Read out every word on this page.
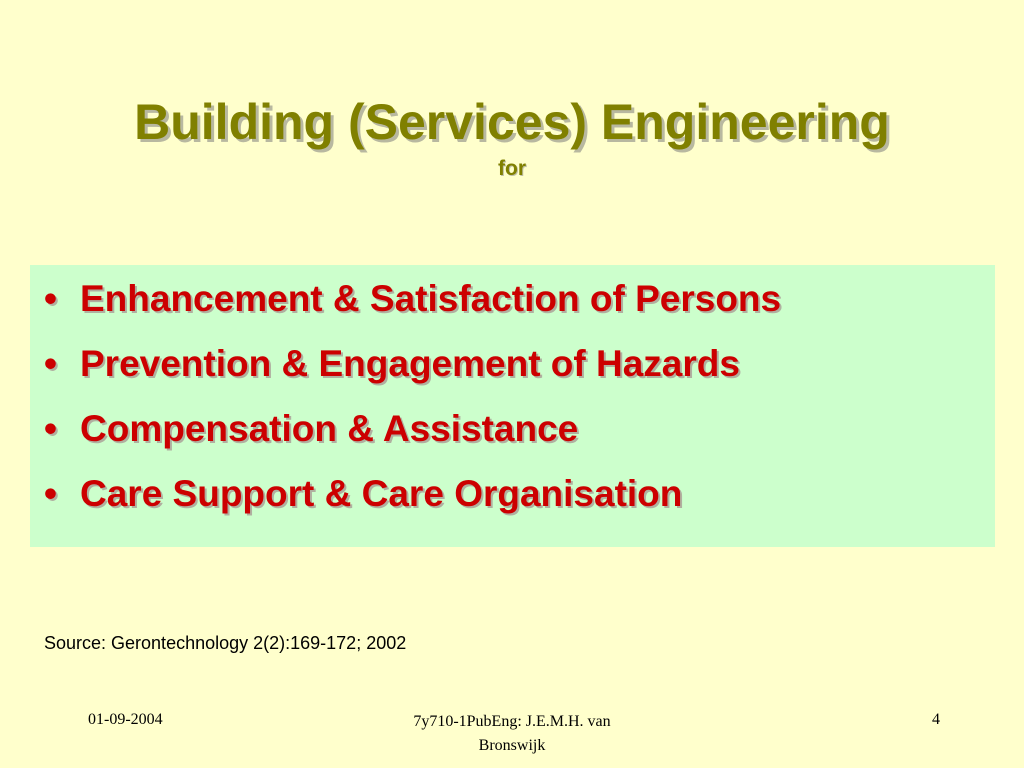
Building (Services) Engineering
for
• Enhancement & Satisfaction of Persons
• Prevention & Engagement of Hazards
• Compensation & Assistance
• Care Support & Care Organisation
Source: Gerontechnology 2(2):169-172; 2002
01-09-2004	7y710-1PubEng: J.E.M.H. van
Bronswijk
4
